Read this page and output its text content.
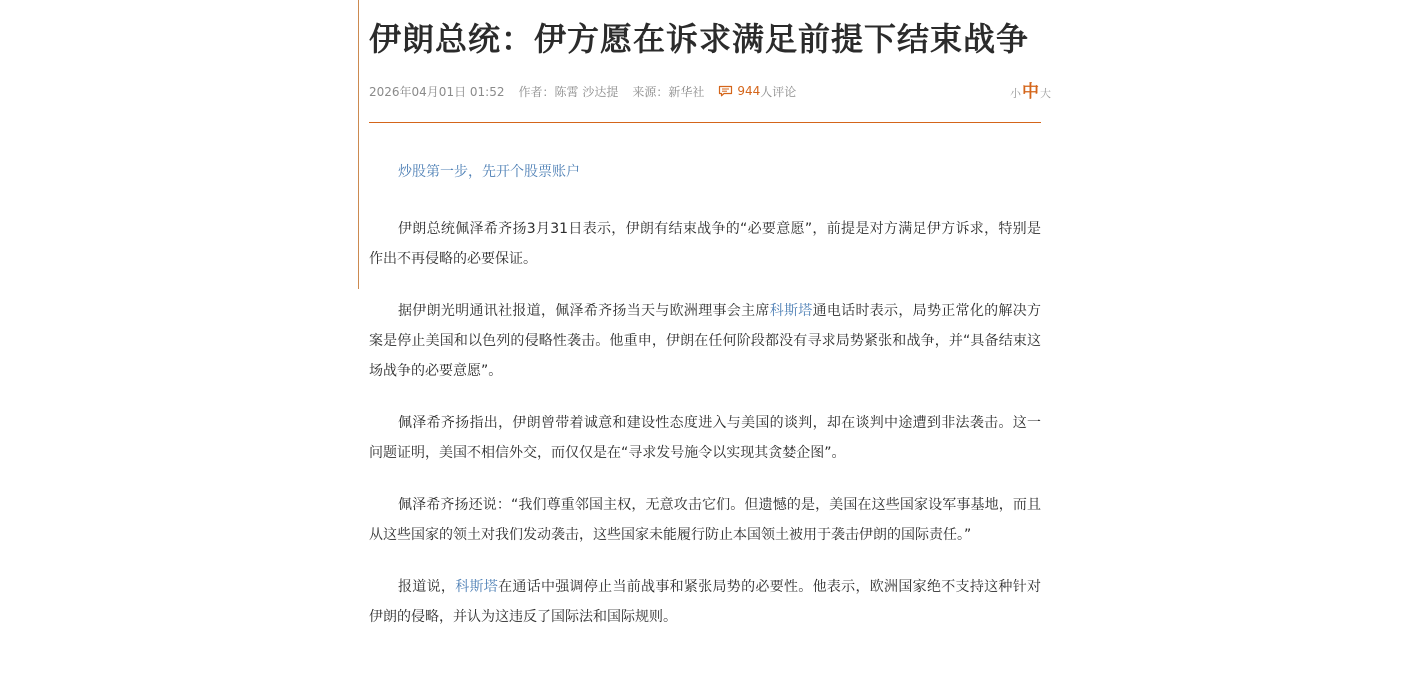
伊朗总统：伊方愿在诉求满足前提下结束战争
2026年04月01日 01:52 作者： 陈霄 沙达提 来源： 新华社	944 人评论	小 中 大
炒股第一步，先开个股票账户

伊朗总统佩泽希齐扬3月31日表示，伊朗有结束战争的“必要意愿”，前提是对方满足伊方诉求，特别是作出不再侵略的必要保证。

据伊朗光明通讯社报道，佩泽希齐扬当天与欧洲理事会主席科斯塔通电话时表示，局势正常化的解决方案是停止美国和以色列的侵略性袭击。他重申，伊朗在任何阶段都没有寻求局势紧张和战争，并“具备结束这场战争的必要意愿”。

佩泽希齐扬指出，伊朗曾带着诚意和建设性态度进入与美国的谈判，却在谈判中途遭到非法袭击。这一问题证明，美国不相信外交，而仅仅是在“寻求发号施令以实现其贪婪企图”。

佩泽希齐扬还说：“我们尊重邻国主权，无意攻击它们。但遗憾的是，美国在这些国家设军事基地，而且从这些国家的领土对我们发动袭击，这些国家未能履行防止本国领土被用于袭击伊朗的国际责任。”

报道说，科斯塔在通话中强调停止当前战事和紧张局势的必要性。他表示，欧洲国家绝不支持这种针对伊朗的侵略，并认为这违反了国际法和国际规则。
